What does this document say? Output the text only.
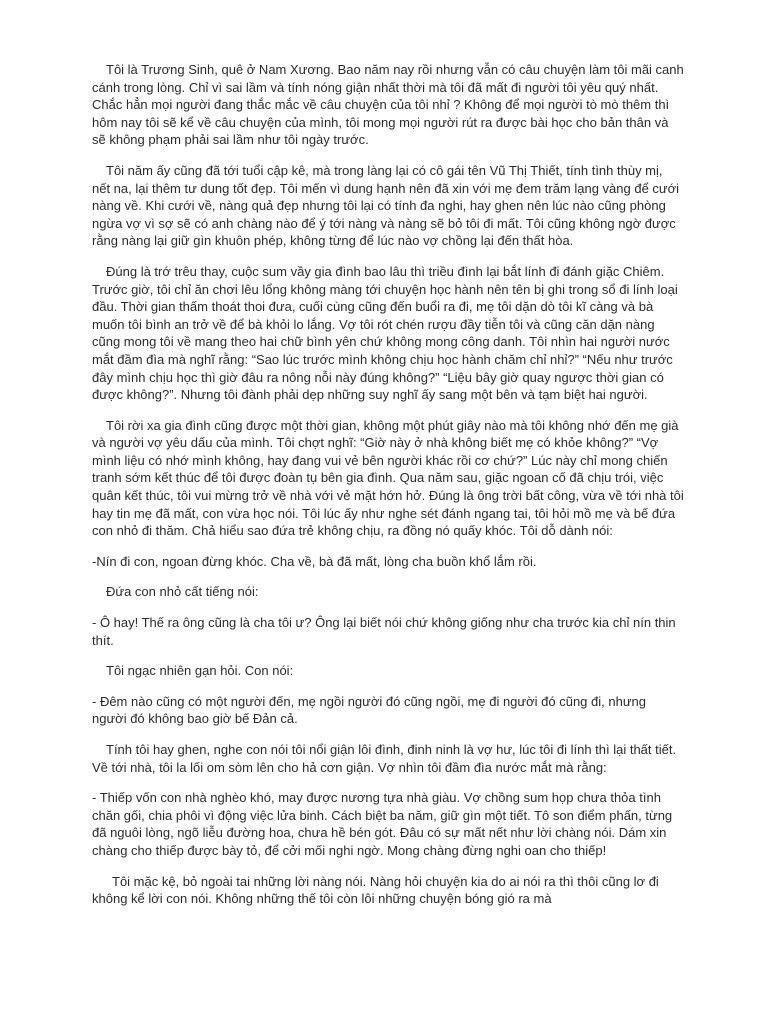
Tôi là Trương Sinh, quê ở Nam Xương. Bao năm nay rồi nhưng vẫn có câu chuyện làm tôi mãi canh cánh trong lòng. Chỉ vì sai lầm và tính nóng giận nhất thời mà tôi đã mất đi người tôi yêu quý nhất. Chắc hẳn mọi người đang thắc mắc về câu chuyện của tôi nhỉ ? Không để mọi người tò mò thêm thì hôm nay tôi sẽ kể về câu chuyện của mình, tôi mong mọi người rút ra được bài học cho bản thân và sẽ không phạm phải sai lầm như tôi ngày trước.

Tôi năm ấy cũng đã tới tuổi cập kê, mà trong làng lại có cô gái tên Vũ Thị Thiết, tính tình thùy mị, nết na, lại thêm tư dung tốt đẹp. Tôi mến vì dung hạnh nên đã xin với mẹ đem trăm lạng vàng để cưới nàng về. Khi cưới về, nàng quả đẹp nhưng tôi lại có tính đa nghi, hay ghen nên lúc nào cũng phòng ngừa vợ vì sợ sẽ có anh chàng nào để ý tới nàng và nàng sẽ bỏ tôi đi mất. Tôi cũng không ngờ được rằng nàng lại giữ gìn khuôn phép, không từng để lúc nào vợ chồng lại đến thất hòa.

Đúng là trớ trêu thay, cuộc sum vầy gia đình bao lâu thì triều đình lại bắt lính đi đánh giặc Chiêm. Trước giờ, tôi chỉ ăn chơi lêu lổng không màng tới chuyện học hành nên tên bị ghi trong sổ đi lính loại đầu. Thời gian thấm thoát thoi đưa, cuối cùng cũng đến buổi ra đi, mẹ tôi dặn dò tôi kĩ càng và bà muốn tôi bình an trở về để bà khỏi lo lắng. Vợ tôi rót chén rượu đầy tiễn tôi và cũng căn dặn nàng cũng mong tôi về mang theo hai chữ bình yên chứ không mong công danh. Tôi nhìn hai người nước mắt đầm đìa mà nghĩ rằng: “Sao lúc trước mình không chịu học hành chăm chỉ nhỉ?” “Nếu như trước đây mình chịu học thì giờ đâu ra nông nỗi này đúng không?” “Liệu bây giờ quay ngược thời gian có được không?”. Nhưng tôi đành phải dẹp những suy nghĩ ấy sang một bên và tạm biệt hai người.

Tôi rời xa gia đình cũng được một thời gian, không một phút giây nào mà tôi không nhớ đến mẹ già và người vợ yêu dấu của mình. Tôi chợt nghĩ: “Giờ này ở nhà không biết mẹ có khỏe không?” “Vợ mình liệu có nhớ mình không, hay đang vui vẻ bên người khác rồi cơ chứ?” Lúc này chỉ mong chiến tranh sớm kết thúc để tôi được đoàn tụ bên gia đình. Qua năm sau, giặc ngoan cố đã chịu trói, việc quân kết thúc, tôi vui mừng trở về nhà với vẻ mặt hớn hở. Đúng là ông trời bất công, vừa về tới nhà tôi hay tin mẹ đã mất, con vừa học nói. Tôi lúc ấy như nghe sét đánh ngang tai, tôi hỏi mồ mẹ và bế đứa con nhỏ đi thăm. Chả hiểu sao đứa trẻ không chịu, ra đồng nó quấy khóc. Tôi dỗ dành nói:

-Nín đi con, ngoan đừng khóc. Cha về, bà đã mất, lòng cha buồn khổ lắm rồi.

Đứa con nhỏ cất tiếng nói:

- Ô hay! Thế ra ông cũng là cha tôi ư? Ông lại biết nói chứ không giống như cha trước kia chỉ nín thin thít.

Tôi ngạc nhiên gạn hỏi. Con nói:

- Đêm nào cũng có một người đến, mẹ ngồi người đó cũng ngồi, mẹ đi người đó cũng đi, nhưng người đó không bao giờ bế Đản cả.

Tính tôi hay ghen, nghe con nói tôi nổi giận lôi đình, đinh ninh là vợ hư, lúc tôi đi lính thì lại thất tiết. Về tới nhà, tôi la lối om sòm lên cho hả cơn giận. Vợ nhìn tôi đầm đìa nước mắt mà rằng:

- Thiếp vốn con nhà nghèo khó, may được nương tựa nhà giàu. Vợ chồng sum họp chưa thỏa tình chăn gối, chia phôi vì động việc lửa binh. Cách biệt ba năm, giữ gìn một tiết. Tô son điểm phấn, từng đã nguôi lòng, ngõ liễu đường hoa, chưa hề bén gót. Đâu có sự mất nết như lời chàng nói. Dám xin chàng cho thiếp được bày tỏ, để cởi mối nghi ngờ. Mong chàng đừng nghi oan cho thiếp!

Tôi mặc kệ, bỏ ngoài tai những lời nàng nói. Nàng hỏi chuyện kia do ai nói ra thì thôi cũng lơ đi không kể lời con nói. Không những thế tôi còn lôi những chuyện bóng gió ra mà
